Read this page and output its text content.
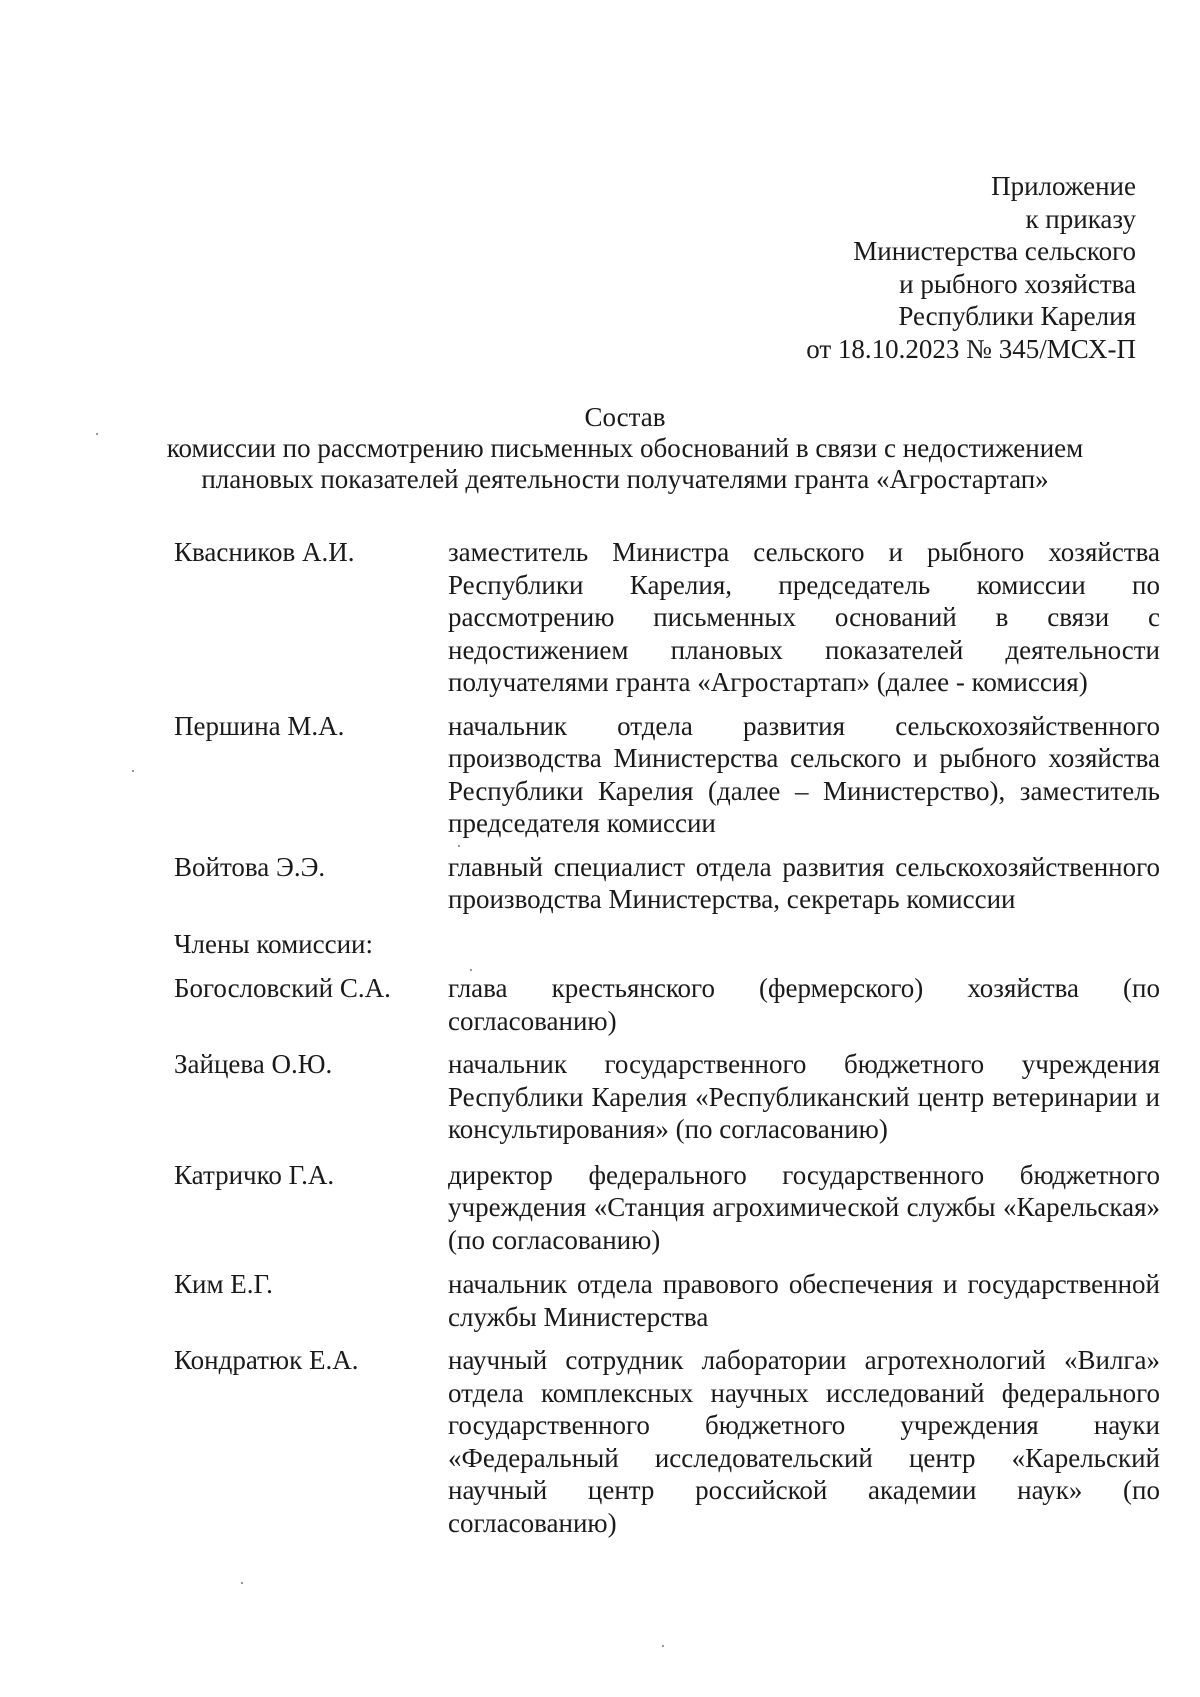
Приложение
к приказу
Министерства сельского
и рыбного хозяйства
Республики Карелия
от 18.10.2023 № 345/МСХ-П
Состав
комиссии по рассмотрению письменных обоснований в связи с недостижением
плановых показателей деятельности получателями гранта «Агростартап»
Квасников А.И.	заместитель Министра сельского и рыбного хозяйства Республики Карелия, председатель комиссии по рассмотрению письменных оснований в связи с недостижением плановых показателей деятельности получателями гранта «Агростартап» (далее - комиссия)
Першина М.А.	начальник отдела развития сельскохозяйственного производства Министерства сельского и рыбного хозяйства Республики Карелия (далее – Министерство), заместитель председателя комиссии
Войтова Э.Э.	главный специалист отдела развития сельскохозяйственного производства Министерства, секретарь комиссии
Члены комиссии:
Богословский С.А.	глава крестьянского (фермерского) хозяйства (по согласованию)
Зайцева О.Ю.	начальник государственного бюджетного учреждения Республики Карелия «Республиканский центр ветеринарии и консультирования» (по согласованию)
Катричко Г.А.	директор федерального государственного бюджетного учреждения «Станция агрохимической службы «Карельская» (по согласованию)
Ким Е.Г.	начальник отдела правового обеспечения и государственной службы Министерства
Кондратюк Е.А.	научный сотрудник лаборатории агротехнологий «Вилга» отдела комплексных научных исследований федерального государственного бюджетного учреждения науки «Федеральный исследовательский центр «Карельский научный центр российской академии наук» (по согласованию)
